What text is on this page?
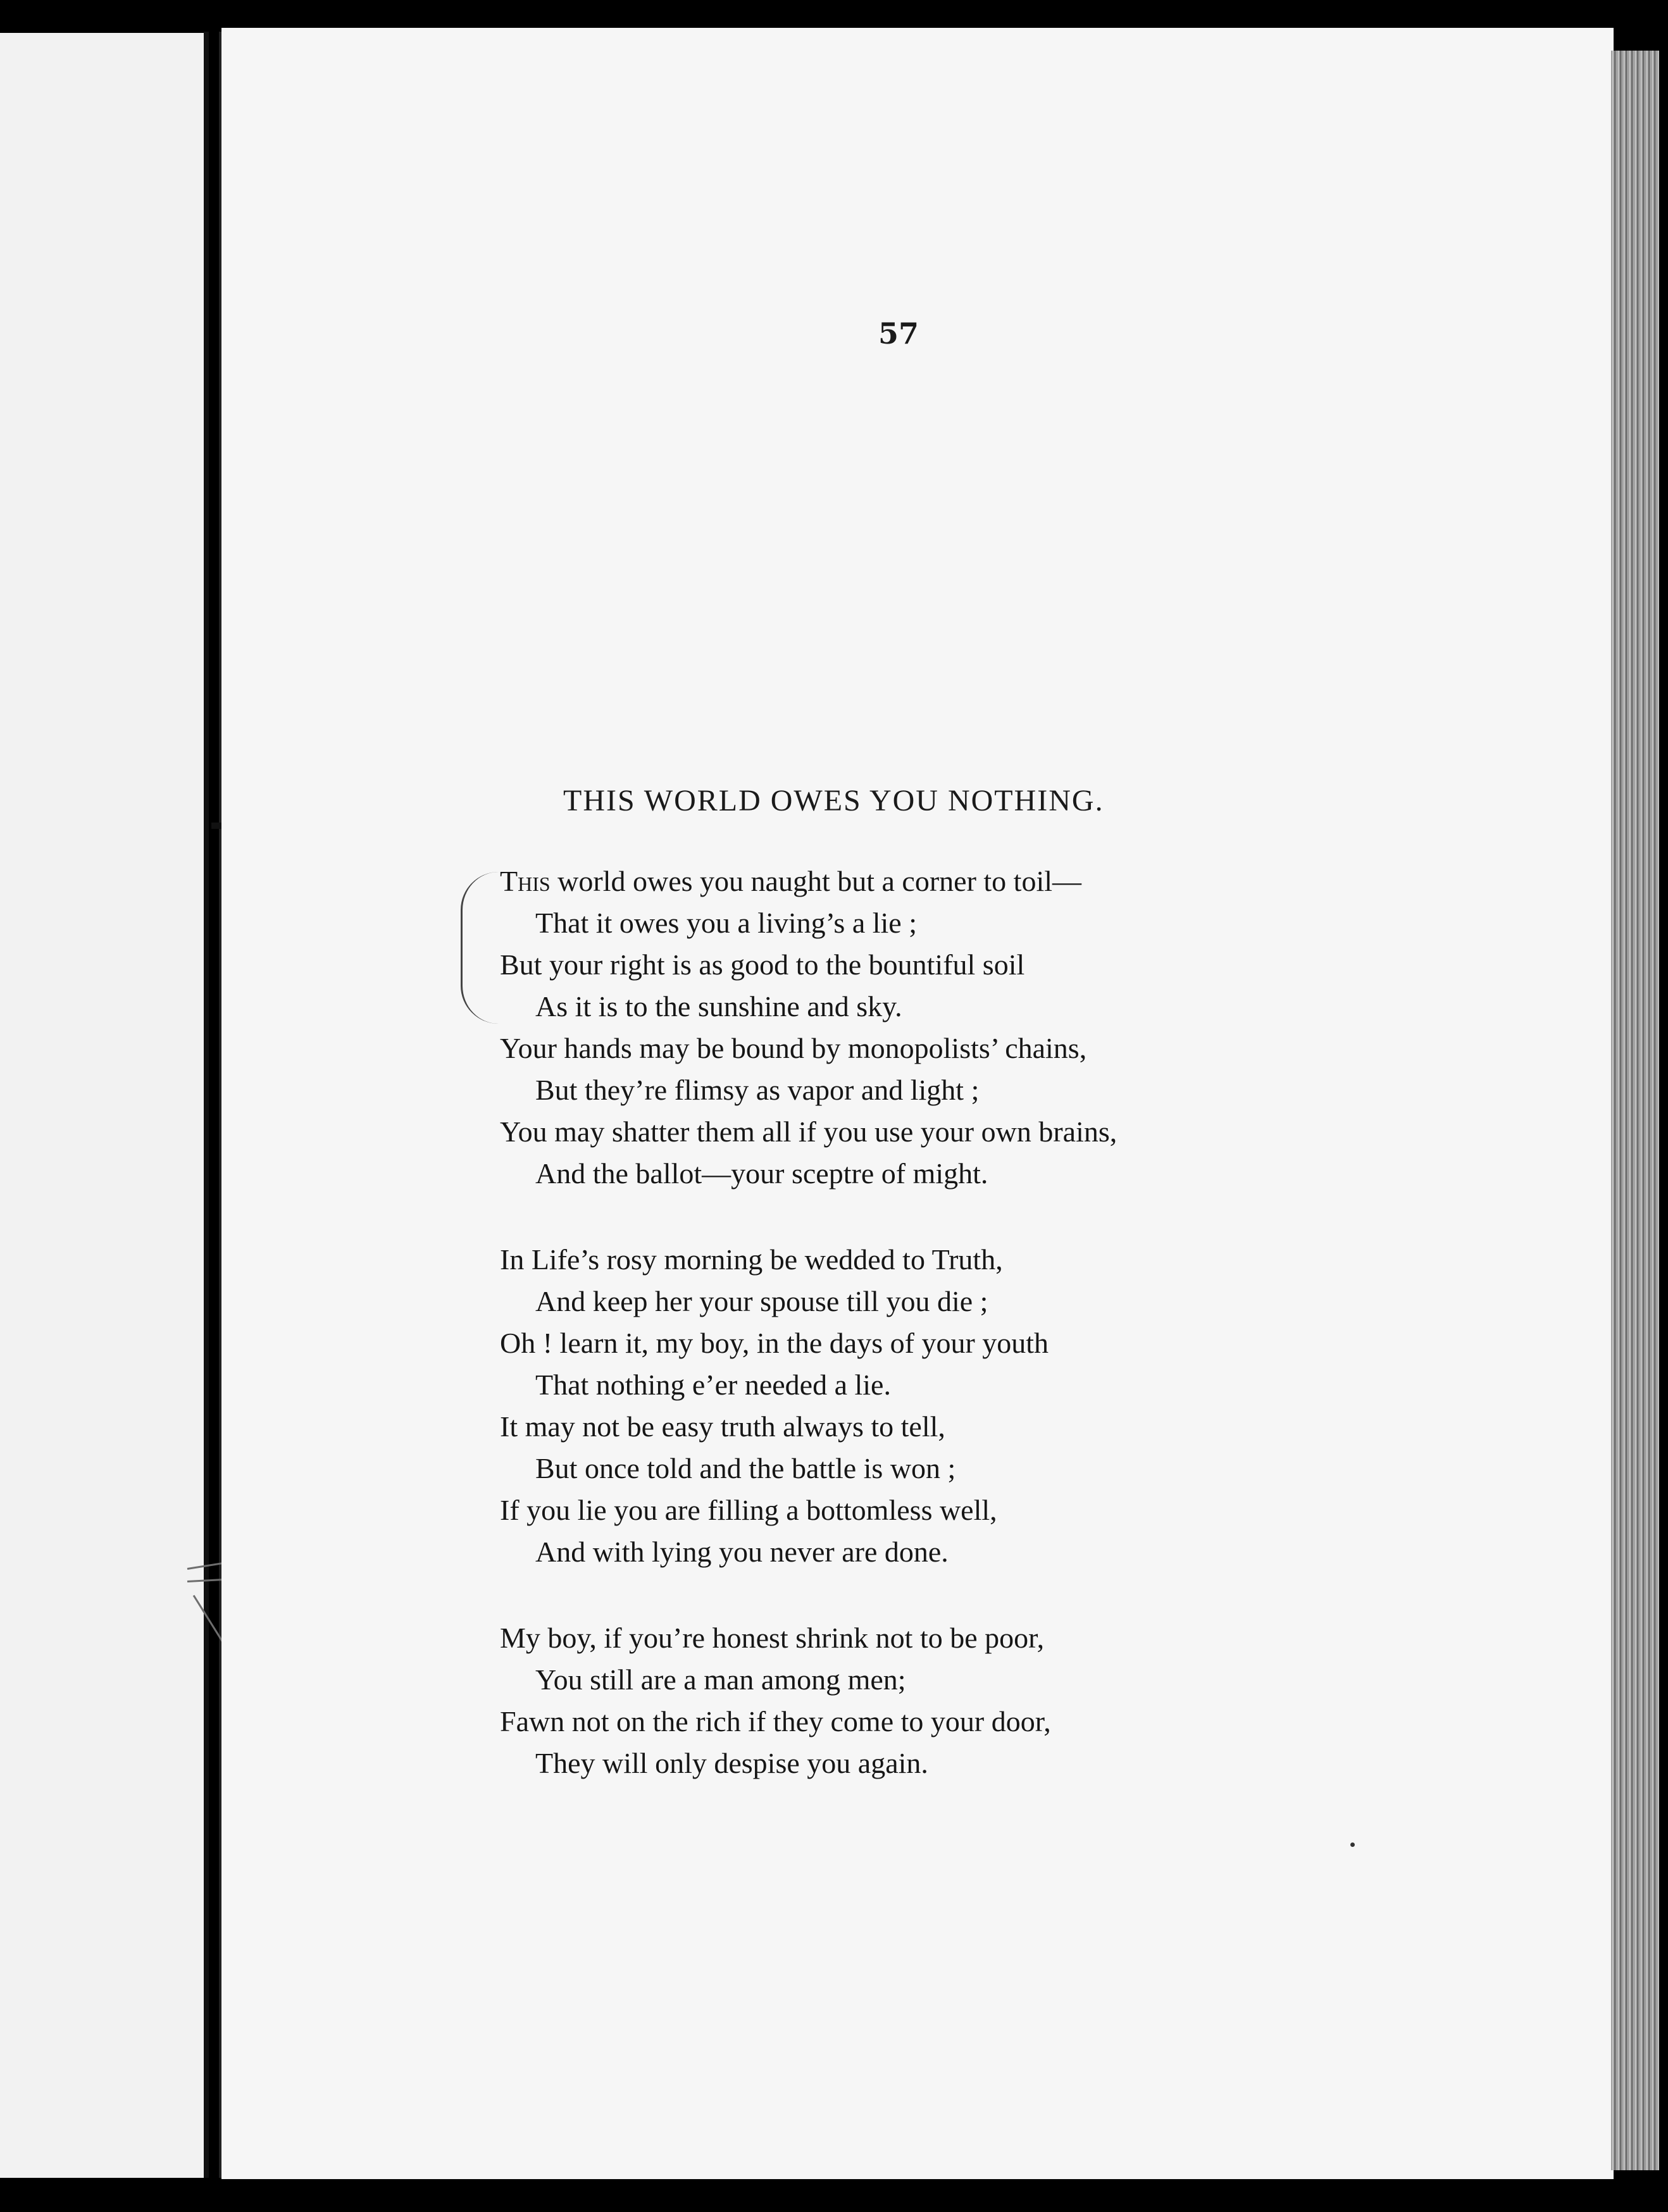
57
THIS WORLD OWES YOU NOTHING.
This world owes you naught but a corner to toil—
That it owes you a living’s a lie ;
But your right is as good to the bountiful soil
As it is to the sunshine and sky.
Your hands may be bound by monopolists’ chains,
But they’re flimsy as vapor and light ;
You may shatter them all if you use your own brains,
And the ballot—your sceptre of might.
In Life’s rosy morning be wedded to Truth,
And keep her your spouse till you die ;
Oh ! learn it, my boy, in the days of your youth
That nothing e’er needed a lie.
It may not be easy truth always to tell,
But once told and the battle is won ;
If you lie you are filling a bottomless well,
And with lying you never are done.
My boy, if you’re honest shrink not to be poor,
You still are a man among men;
Fawn not on the rich if they come to your door,
They will only despise you again.
